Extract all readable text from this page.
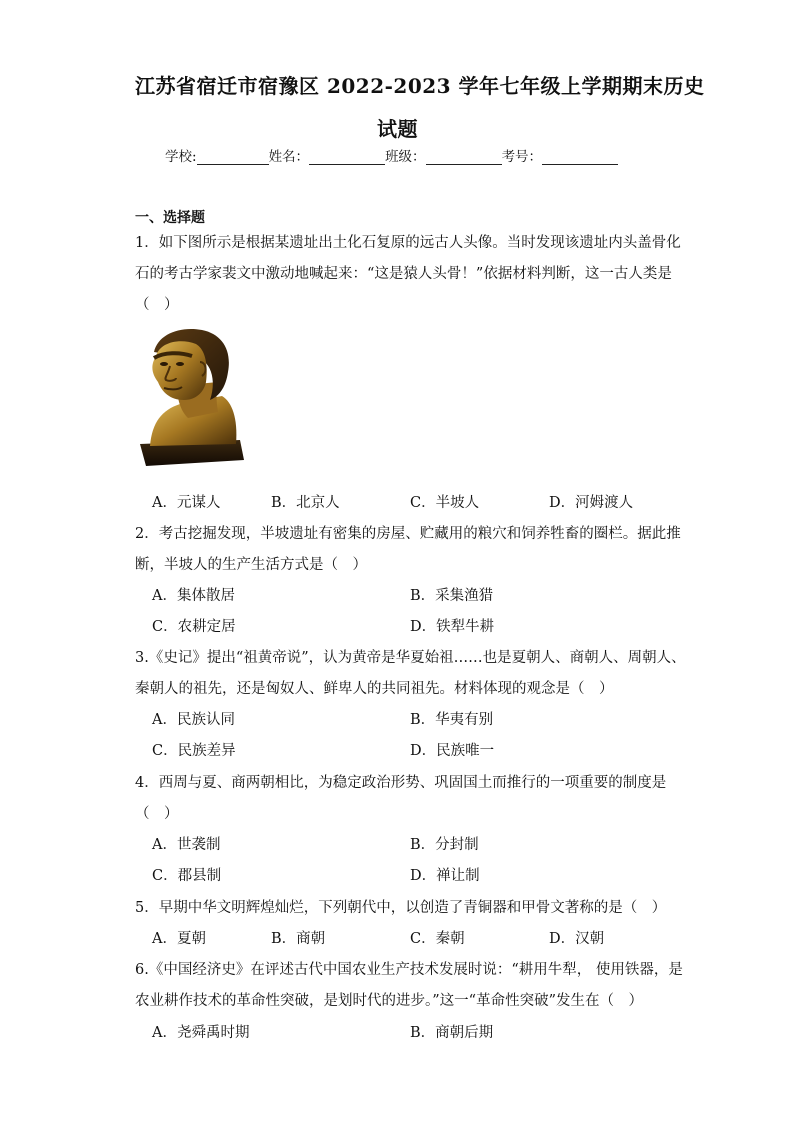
江苏省宿迁市宿豫区 2022-2023 学年七年级上学期期末历史
试题
学校:	姓名：	班级：	考号：
一、选择题
1．如下图所示是根据某遗址出土化石复原的远古人头像。当时发现该遗址内头盖骨化
石的考古学家裴文中激动地喊起来：“这是猿人头骨！”依据材料判断，这一古人类是
（　）
A．元谋人	B．北京人	C．半坡人	D．河姆渡人
2．考古挖掘发现，半坡遗址有密集的房屋、贮藏用的粮穴和饲养牲畜的圈栏。据此推
断，半坡人的生产生活方式是（　）
A．集体散居	B．采集渔猎
C．农耕定居	D．铁犁牛耕
3.《史记》提出“祖黄帝说”，认为黄帝是华夏始祖……也是夏朝人、商朝人、周朝人、
秦朝人的祖先，还是匈奴人、鲜卑人的共同祖先。材料体现的观念是（　）
A．民族认同	B．华夷有别
C．民族差异	D．民族唯一
4．西周与夏、商两朝相比，为稳定政治形势、巩固国土而推行的一项重要的制度是
（　）
A．世袭制	B．分封制
C．郡县制	D．禅让制
5．早期中华文明辉煌灿烂，下列朝代中，以创造了青铜器和甲骨文著称的是（　）
A．夏朝	B．商朝	C．秦朝	D．汉朝
6.《中国经济史》在评述古代中国农业生产技术发展时说：“耕用牛犁， 使用铁器，是
农业耕作技术的革命性突破，是划时代的进步。”这一“革命性突破”发生在（　）
A．尧舜禹时期	B．商朝后期
